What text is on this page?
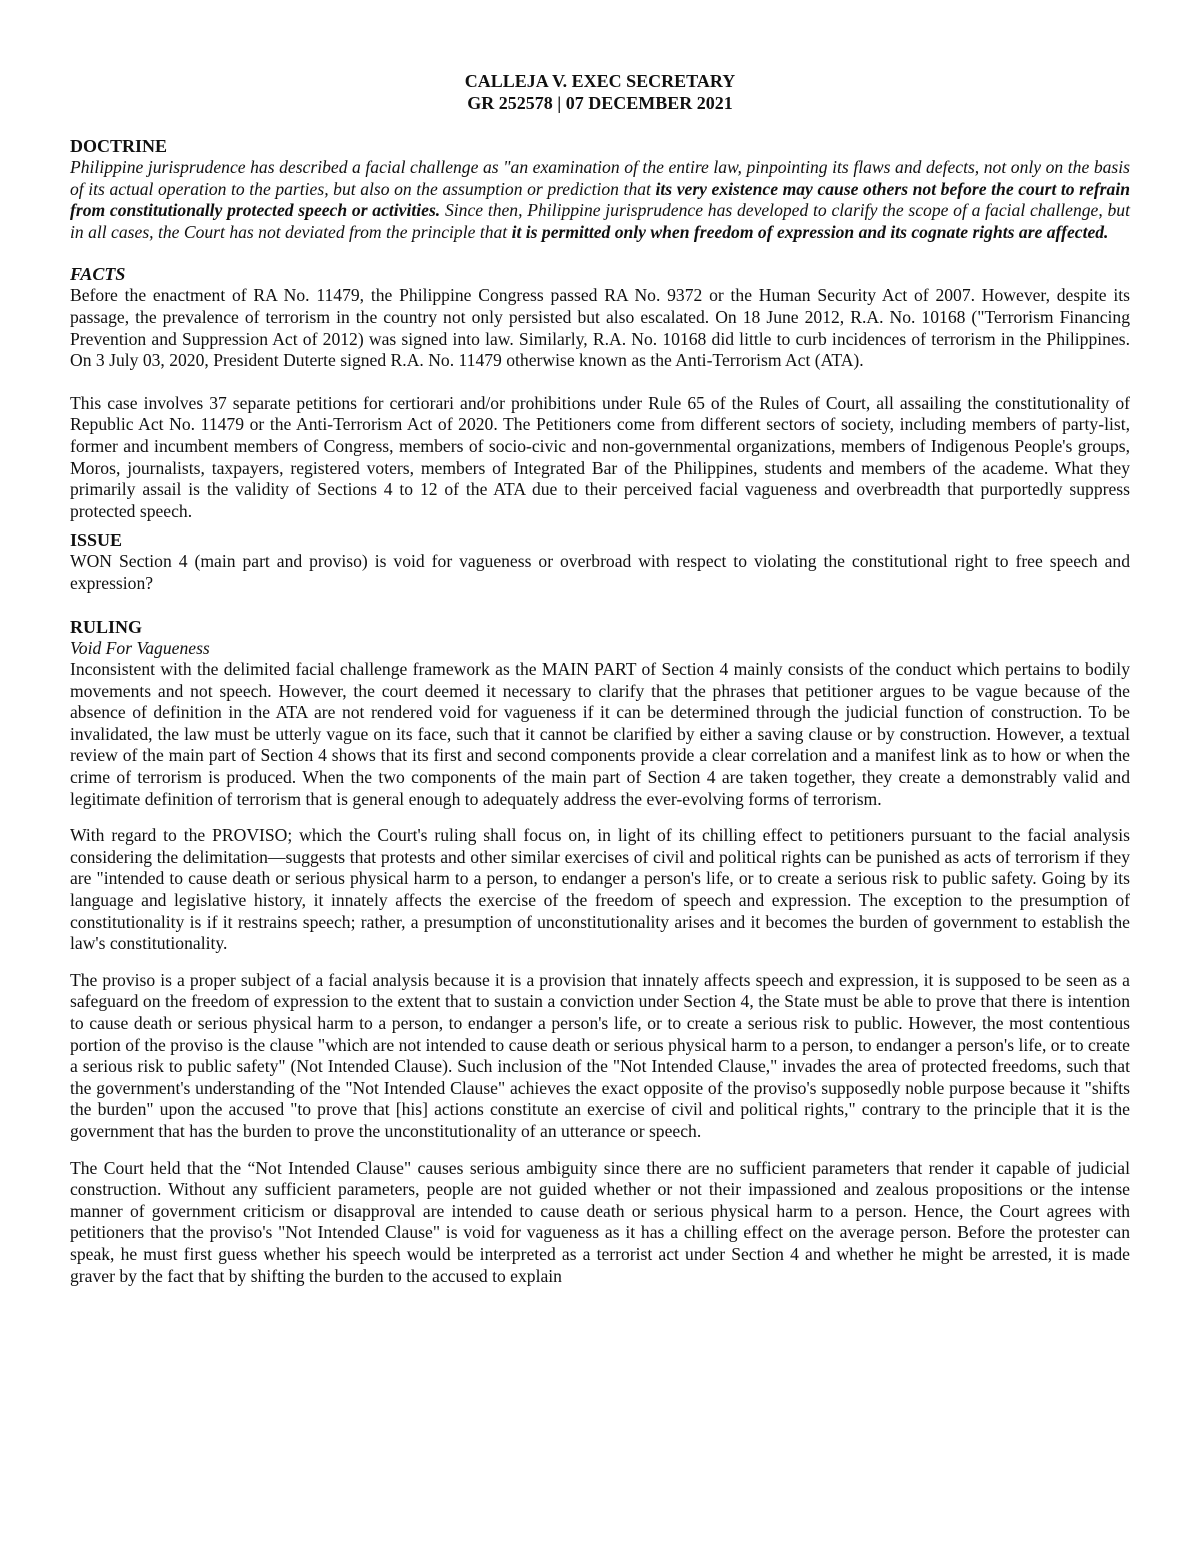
CALLEJA V. EXEC SECRETARY
GR 252578 | 07 DECEMBER 2021
DOCTRINE

Philippine jurisprudence has described a facial challenge as "an examination of the entire law, pinpointing its flaws and defects, not only on the basis of its actual operation to the parties, but also on the assumption or prediction that its very existence may cause others not before the court to refrain from constitutionally protected speech or activities. Since then, Philippine jurisprudence has developed to clarify the scope of a facial challenge, but in all cases, the Court has not deviated from the principle that it is permitted only when freedom of expression and its cognate rights are affected.

FACTS

Before the enactment of RA No. 11479, the Philippine Congress passed RA No. 9372 or the Human Security Act of 2007. However, despite its passage, the prevalence of terrorism in the country not only persisted but also escalated. On 18 June 2012, R.A. No. 10168 ("Terrorism Financing Prevention and Suppression Act of 2012) was signed into law. Similarly, R.A. No. 10168 did little to curb incidences of terrorism in the Philippines. On 3 July 03, 2020, President Duterte signed R.A. No. 11479 otherwise known as the Anti-Terrorism Act (ATA).

This case involves 37 separate petitions for certiorari and/or prohibitions under Rule 65 of the Rules of Court, all assailing the constitutionality of Republic Act No. 11479 or the Anti-Terrorism Act of 2020. The Petitioners come from different sectors of society, including members of party-list, former and incumbent members of Congress, members of socio-civic and non-governmental organizations, members of Indigenous People's groups, Moros, journalists, taxpayers, registered voters, members of Integrated Bar of the Philippines, students and members of the academe. What they primarily assail is the validity of Sections 4 to 12 of the ATA due to their perceived facial vagueness and overbreadth that purportedly suppress protected speech.

ISSUE

WON Section 4 (main part and proviso) is void for vagueness or overbroad with respect to violating the constitutional right to free speech and expression?

RULING
Void For Vagueness

Inconsistent with the delimited facial challenge framework as the MAIN PART of Section 4 mainly consists of the conduct which pertains to bodily movements and not speech. However, the court deemed it necessary to clarify that the phrases that petitioner argues to be vague because of the absence of definition in the ATA are not rendered void for vagueness if it can be determined through the judicial function of construction. To be invalidated, the law must be utterly vague on its face, such that it cannot be clarified by either a saving clause or by construction. However, a textual review of the main part of Section 4 shows that its first and second components provide a clear correlation and a manifest link as to how or when the crime of terrorism is produced. When the two components of the main part of Section 4 are taken together, they create a demonstrably valid and legitimate definition of terrorism that is general enough to adequately address the ever-evolving forms of terrorism.

With regard to the PROVISO; which the Court's ruling shall focus on, in light of its chilling effect to petitioners pursuant to the facial analysis considering the delimitation—suggests that protests and other similar exercises of civil and political rights can be punished as acts of terrorism if they are "intended to cause death or serious physical harm to a person, to endanger a person's life, or to create a serious risk to public safety. Going by its language and legislative history, it innately affects the exercise of the freedom of speech and expression. The exception to the presumption of constitutionality is if it restrains speech; rather, a presumption of unconstitutionality arises and it becomes the burden of government to establish the law's constitutionality.

The proviso is a proper subject of a facial analysis because it is a provision that innately affects speech and expression, it is supposed to be seen as a safeguard on the freedom of expression to the extent that to sustain a conviction under Section 4, the State must be able to prove that there is intention to cause death or serious physical harm to a person, to endanger a person's life, or to create a serious risk to public. However, the most contentious portion of the proviso is the clause "which are not intended to cause death or serious physical harm to a person, to endanger a person's life, or to create a serious risk to public safety" (Not Intended Clause). Such inclusion of the "Not Intended Clause," invades the area of protected freedoms, such that the government's understanding of the "Not Intended Clause" achieves the exact opposite of the proviso's supposedly noble purpose because it "shifts the burden" upon the accused "to prove that [his] actions constitute an exercise of civil and political rights," contrary to the principle that it is the government that has the burden to prove the unconstitutionality of an utterance or speech.

The Court held that the “Not Intended Clause" causes serious ambiguity since there are no sufficient parameters that render it capable of judicial construction. Without any sufficient parameters, people are not guided whether or not their impassioned and zealous propositions or the intense manner of government criticism or disapproval are intended to cause death or serious physical harm to a person. Hence, the Court agrees with petitioners that the proviso's "Not Intended Clause" is void for vagueness as it has a chilling effect on the average person. Before the protester can speak, he must first guess whether his speech would be interpreted as a terrorist act under Section 4 and whether he might be arrested, it is made graver by the fact that by shifting the burden to the accused to explain
